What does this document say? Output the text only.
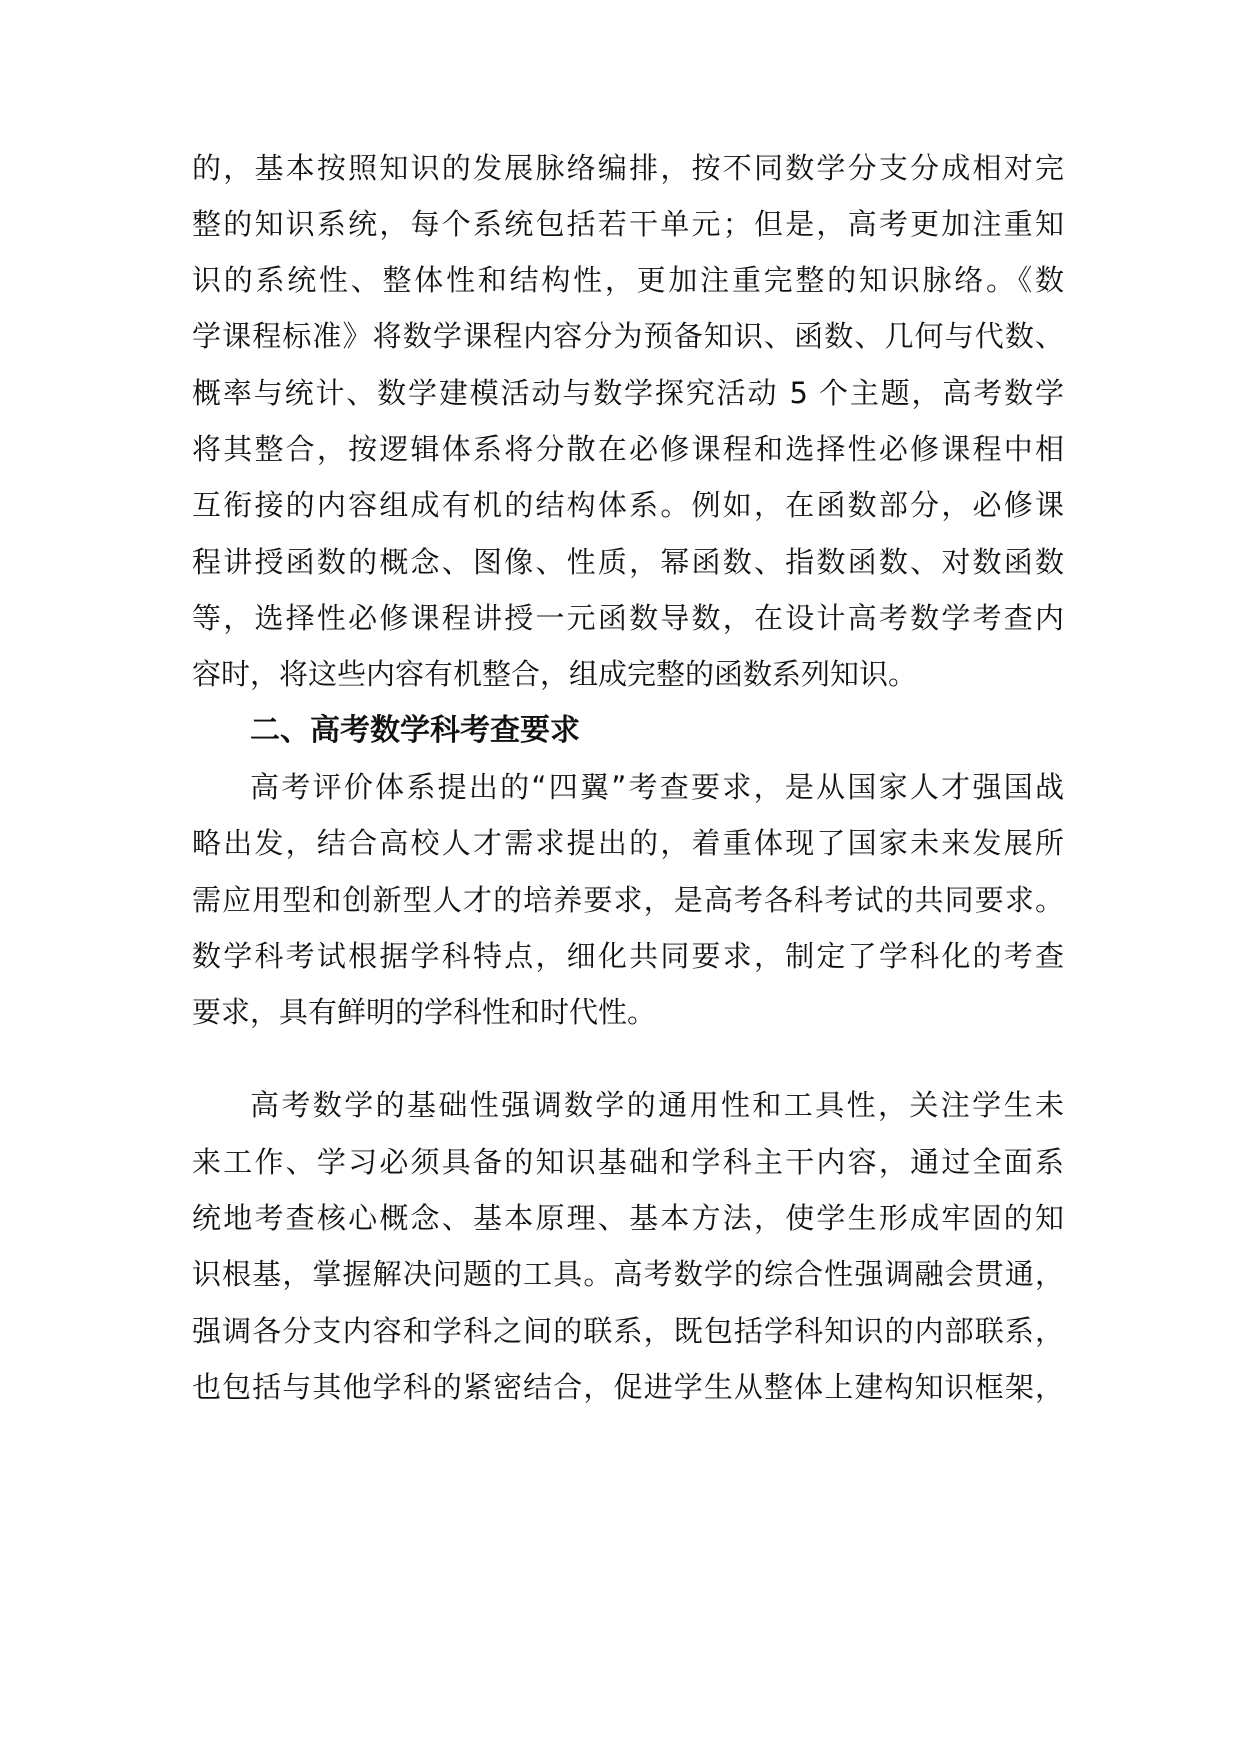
的，基本按照知识的发展脉络编排，按不同数学分支分成相对完
整的知识系统，每个系统包括若干单元；但是，高考更加注重知
识的系统性、整体性和结构性，更加注重完整的知识脉络。《数
学课程标准》将数学课程内容分为预备知识、函数、几何与代数、
概率与统计、数学建模活动与数学探究活动 5 个主题，高考数学
将其整合，按逻辑体系将分散在必修课程和选择性必修课程中相
互衔接的内容组成有机的结构体系。例如，在函数部分，必修课
程讲授函数的概念、图像、性质，幂函数、指数函数、对数函数
等，选择性必修课程讲授一元函数导数，在设计高考数学考查内
容时，将这些内容有机整合，组成完整的函数系列知识。
二、高考数学科考查要求
高考评价体系提出的“四翼”考查要求，是从国家人才强国战
略出发，结合高校人才需求提出的，着重体现了国家未来发展所
需应用型和创新型人才的培养要求，是高考各科考试的共同要求。
数学科考试根据学科特点，细化共同要求，制定了学科化的考查
要求，具有鲜明的学科性和时代性。
高考数学的基础性强调数学的通用性和工具性，关注学生未
来工作、学习必须具备的知识基础和学科主干内容，通过全面系
统地考查核心概念、基本原理、基本方法，使学生形成牢固的知
识根基，掌握解决问题的工具。高考数学的综合性强调融会贯通，
强调各分支内容和学科之间的联系，既包括学科知识的内部联系，
也包括与其他学科的紧密结合，促进学生从整体上建构知识框架，
